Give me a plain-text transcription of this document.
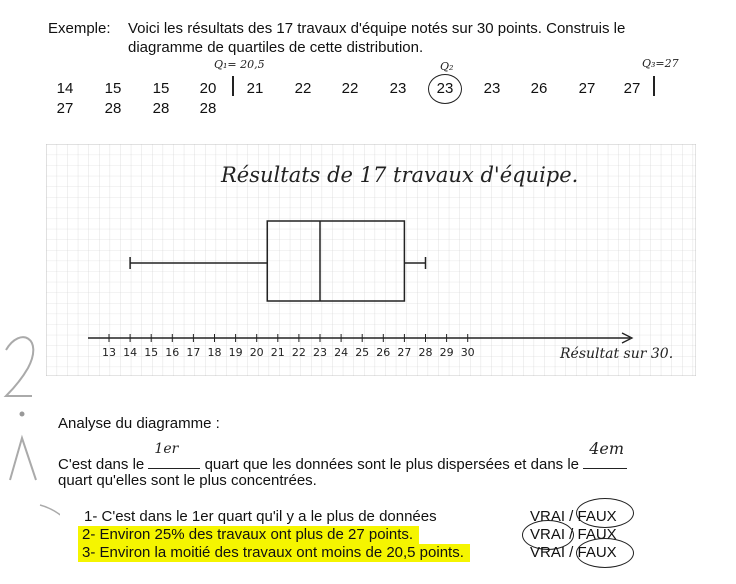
Exemple: Voici les résultats des 17 travaux d'équipe notés sur 30 points. Construis le
diagramme de quartiles de cette distribution.
Q₁= 20,5	Q₂	Q₃=27
14	15	15	20	21	22	22	23	23	23	26	27	27
27	28	28	28
Résultats de 17 travaux d'équipe.
13 14 15 16 17 18 19 20 21 22 23 24 25 26 27 28 29 30	Résultat sur 30.
Analyse du diagramme :
C'est dans le
1er
quart que les données sont le plus dispersées et dans le
4em
quart qu'elles sont le plus concentrées.
1- C'est dans le 1er quart qu'il y a le plus de données	VRAI / FAUX
2- Environ 25% des travaux ont plus de 27 points.	VRAI / FAUX
3- Environ la moitié des travaux ont moins de 20,5 points.	VRAI / FAUX
